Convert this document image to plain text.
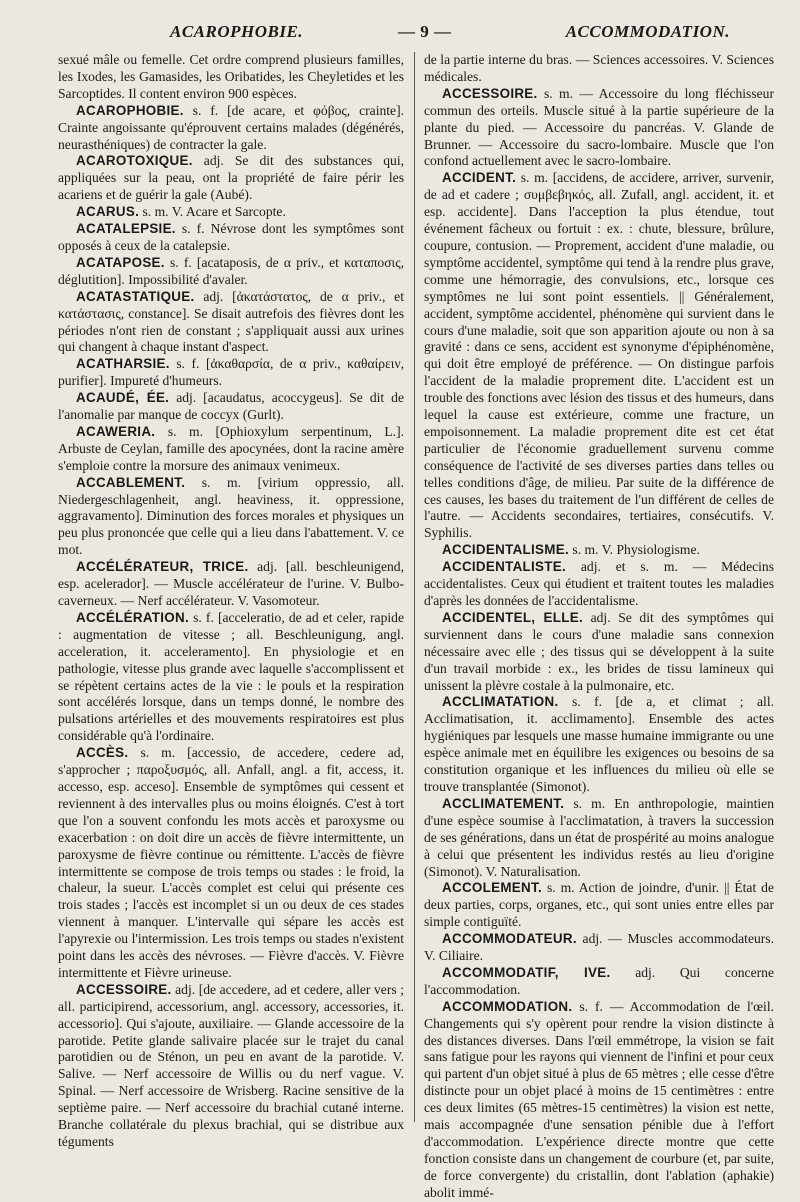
ACAROPHOBIE.	— 9 —	ACCOMMODATION.

sexué mâle ou femelle. Cet ordre comprend plusieurs familles, les Ixodes, les Gamasides, les Oribatides, les Cheyletides et les Sarcoptides. Il content environ 900 espèces.

ACAROPHOBIE. s. f. [de acare, et φόβος, crainte]. Crainte angoissante qu'éprouvent certains malades (dégénérés, neurasthéniques) de contracter la gale.

ACAROTOXIQUE. adj. Se dit des substances qui, appliquées sur la peau, ont la propriété de faire périr les acariens et de guérir la gale (Aubé).

ACARUS. s. m. V. Acare et Sarcopte.

ACATALEPSIE. s. f. Névrose dont les symptômes sont opposés à ceux de la catalepsie.

ACATAPOSE. s. f. [acataposis, de α priv., et καταποσις, déglutition]. Impossibilité d'avaler.

ACATASTATIQUE. adj. [ἀκατάστατος, de α priv., et κατάστασις, constance]. Se disait autrefois des fièvres dont les périodes n'ont rien de constant ; s'appliquait aussi aux urines qui changent à chaque instant d'aspect.

ACATHARSIE. s. f. [ἀκαθαρσία, de α priv., καθαίρειν, purifier]. Impureté d'humeurs.

ACAUDÉ, ÉE. adj. [acaudatus, acoccygeus]. Se dit de l'anomalie par manque de coccyx (Gurlt).

ACAWERIA. s. m. [Ophioxylum serpentinum, L.]. Arbuste de Ceylan, famille des apocynées, dont la racine amère s'emploie contre la morsure des animaux venimeux.

ACCABLEMENT. s. m. [virium oppressio, all. Niedergeschlagenheit, angl. heaviness, it. oppressione, aggravamento]. Diminution des forces morales et physiques un peu plus prononcée que celle qui a lieu dans l'abattement. V. ce mot.

ACCÉLÉRATEUR, TRICE. adj. [all. beschleunigend, esp. acelerador]. — Muscle accélérateur de l'urine. V. Bulbo-caverneux. — Nerf accélérateur. V. Vasomoteur.

ACCÉLÉRATION. s. f. [acceleratio, de ad et celer, rapide : augmentation de vitesse ; all. Beschleunigung, angl. acceleration, it. acceleramento]. En physiologie et en pathologie, vitesse plus grande avec laquelle s'accomplissent et se répètent certains actes de la vie : le pouls et la respiration sont accélérés lorsque, dans un temps donné, le nombre des pulsations artérielles et des mouvements respiratoires est plus considérable qu'à l'ordinaire.

ACCÈS. s. m. [accessio, de accedere, cedere ad, s'approcher ; παροξυσμός, all. Anfall, angl. a fit, access, it. accesso, esp. acceso]. Ensemble de symptômes qui cessent et reviennent à des intervalles plus ou moins éloignés. C'est à tort que l'on a souvent confondu les mots accès et paroxysme ou exacerbation : on doit dire un accès de fièvre intermittente, un paroxysme de fièvre continue ou rémittente. L'accès de fièvre intermittente se compose de trois temps ou stades : le froid, la chaleur, la sueur. L'accès complet est celui qui présente ces trois stades ; l'accès est incomplet si un ou deux de ces stades viennent à manquer. L'intervalle qui sépare les accès est l'apyrexie ou l'intermission. Les trois temps ou stades n'existent point dans les accès des névroses. — Fièvre d'accès. V. Fièvre intermittente et Fièvre urineuse.

ACCESSOIRE. adj. [de accedere, ad et cedere, aller vers ; all. participirend, accessorium, angl. accessory, accessories, it. accessorio]. Qui s'ajoute, auxiliaire. — Glande accessoire de la parotide. Petite glande salivaire placée sur le trajet du canal parotidien ou de Sténon, un peu en avant de la parotide. V. Salive. — Nerf accessoire de Willis ou du nerf vague. V. Spinal. — Nerf accessoire de Wrisberg. Racine sensitive de la septième paire. — Nerf accessoire du brachial cutané interne. Branche collatérale du plexus brachial, qui se distribue aux téguments

de la partie interne du bras. — Sciences accessoires. V. Sciences médicales.

ACCESSOIRE. s. m. — Accessoire du long fléchisseur commun des orteils. Muscle situé à la partie supérieure de la plante du pied. — Accessoire du pancréas. V. Glande de Brunner. — Accessoire du sacro-lombaire. Muscle que l'on confond actuellement avec le sacro-lombaire.

ACCIDENT. s. m. [accidens, de accidere, arriver, survenir, de ad et cadere ; συμβεβηκός, all. Zufall, angl. accident, it. et esp. accidente]. Dans l'acception la plus étendue, tout événement fâcheux ou fortuit : ex. : chute, blessure, brûlure, coupure, contusion. — Proprement, accident d'une maladie, ou symptôme accidentel, symptôme qui tend à la rendre plus grave, comme une hémorragie, des convulsions, etc., lorsque ces symptômes ne lui sont point essentiels. || Généralement, accident, symptôme accidentel, phénomène qui survient dans le cours d'une maladie, soit que son apparition ajoute ou non à sa gravité : dans ce sens, accident est synonyme d'épiphénomène, qui doit être employé de préférence. — On distingue parfois l'accident de la maladie proprement dite. L'accident est un trouble des fonctions avec lésion des tissus et des humeurs, dans lequel la cause est extérieure, comme une fracture, un empoisonnement. La maladie proprement dite est cet état particulier de l'économie graduellement survenu comme conséquence de l'activité de ses diverses parties dans telles ou telles conditions d'âge, de milieu. Par suite de la différence de ces causes, les bases du traitement de l'un différent de celles de l'autre. — Accidents secondaires, tertiaires, consécutifs. V. Syphilis.

ACCIDENTALISME. s. m. V. Physiologisme.

ACCIDENTALISTE. adj. et s. m. — Médecins accidentalistes. Ceux qui étudient et traitent toutes les maladies d'après les données de l'accidentalisme.

ACCIDENTEL, ELLE. adj. Se dit des symptômes qui surviennent dans le cours d'une maladie sans connexion nécessaire avec elle ; des tissus qui se développent à la suite d'un travail morbide : ex., les brides de tissu lamineux qui unissent la plèvre costale à la pulmonaire, etc.

ACCLIMATATION. s. f. [de a, et climat ; all. Acclimatisation, it. acclimamento]. Ensemble des actes hygiéniques par lesquels une masse humaine immigrante ou une espèce animale met en équilibre les exigences ou besoins de sa constitution organique et les influences du milieu où elle se trouve transplantée (Simonot).

ACCLIMATEMENT. s. m. En anthropologie, maintien d'une espèce soumise à l'acclimatation, à travers la succession de ses générations, dans un état de prospérité au moins analogue à celui que présentent les individus restés au lieu d'origine (Simonot). V. Naturalisation.

ACCOLEMENT. s. m. Action de joindre, d'unir. || État de deux parties, corps, organes, etc., qui sont unies entre elles par simple contiguïté.

ACCOMMODATEUR. adj. — Muscles accommodateurs. V. Ciliaire.

ACCOMMODATIF, IVE. adj. Qui concerne l'accommodation.

ACCOMMODATION. s. f. — Accommodation de l'œil. Changements qui s'y opèrent pour rendre la vision distincte à des distances diverses. Dans l'œil emmétrope, la vision se fait sans fatigue pour les rayons qui viennent de l'infini et pour ceux qui partent d'un objet situé à plus de 65 mètres ; elle cesse d'être distincte pour un objet placé à moins de 15 centimètres : entre ces deux limites (65 mètres-15 centimètres) la vision est nette, mais accompagnée d'une sensation pénible due à l'effort d'accommodation. L'expérience directe montre que cette fonction consiste dans un changement de courbure (et, par suite, de force convergente) du cristallin, dont l'ablation (aphakie) abolit immé-
